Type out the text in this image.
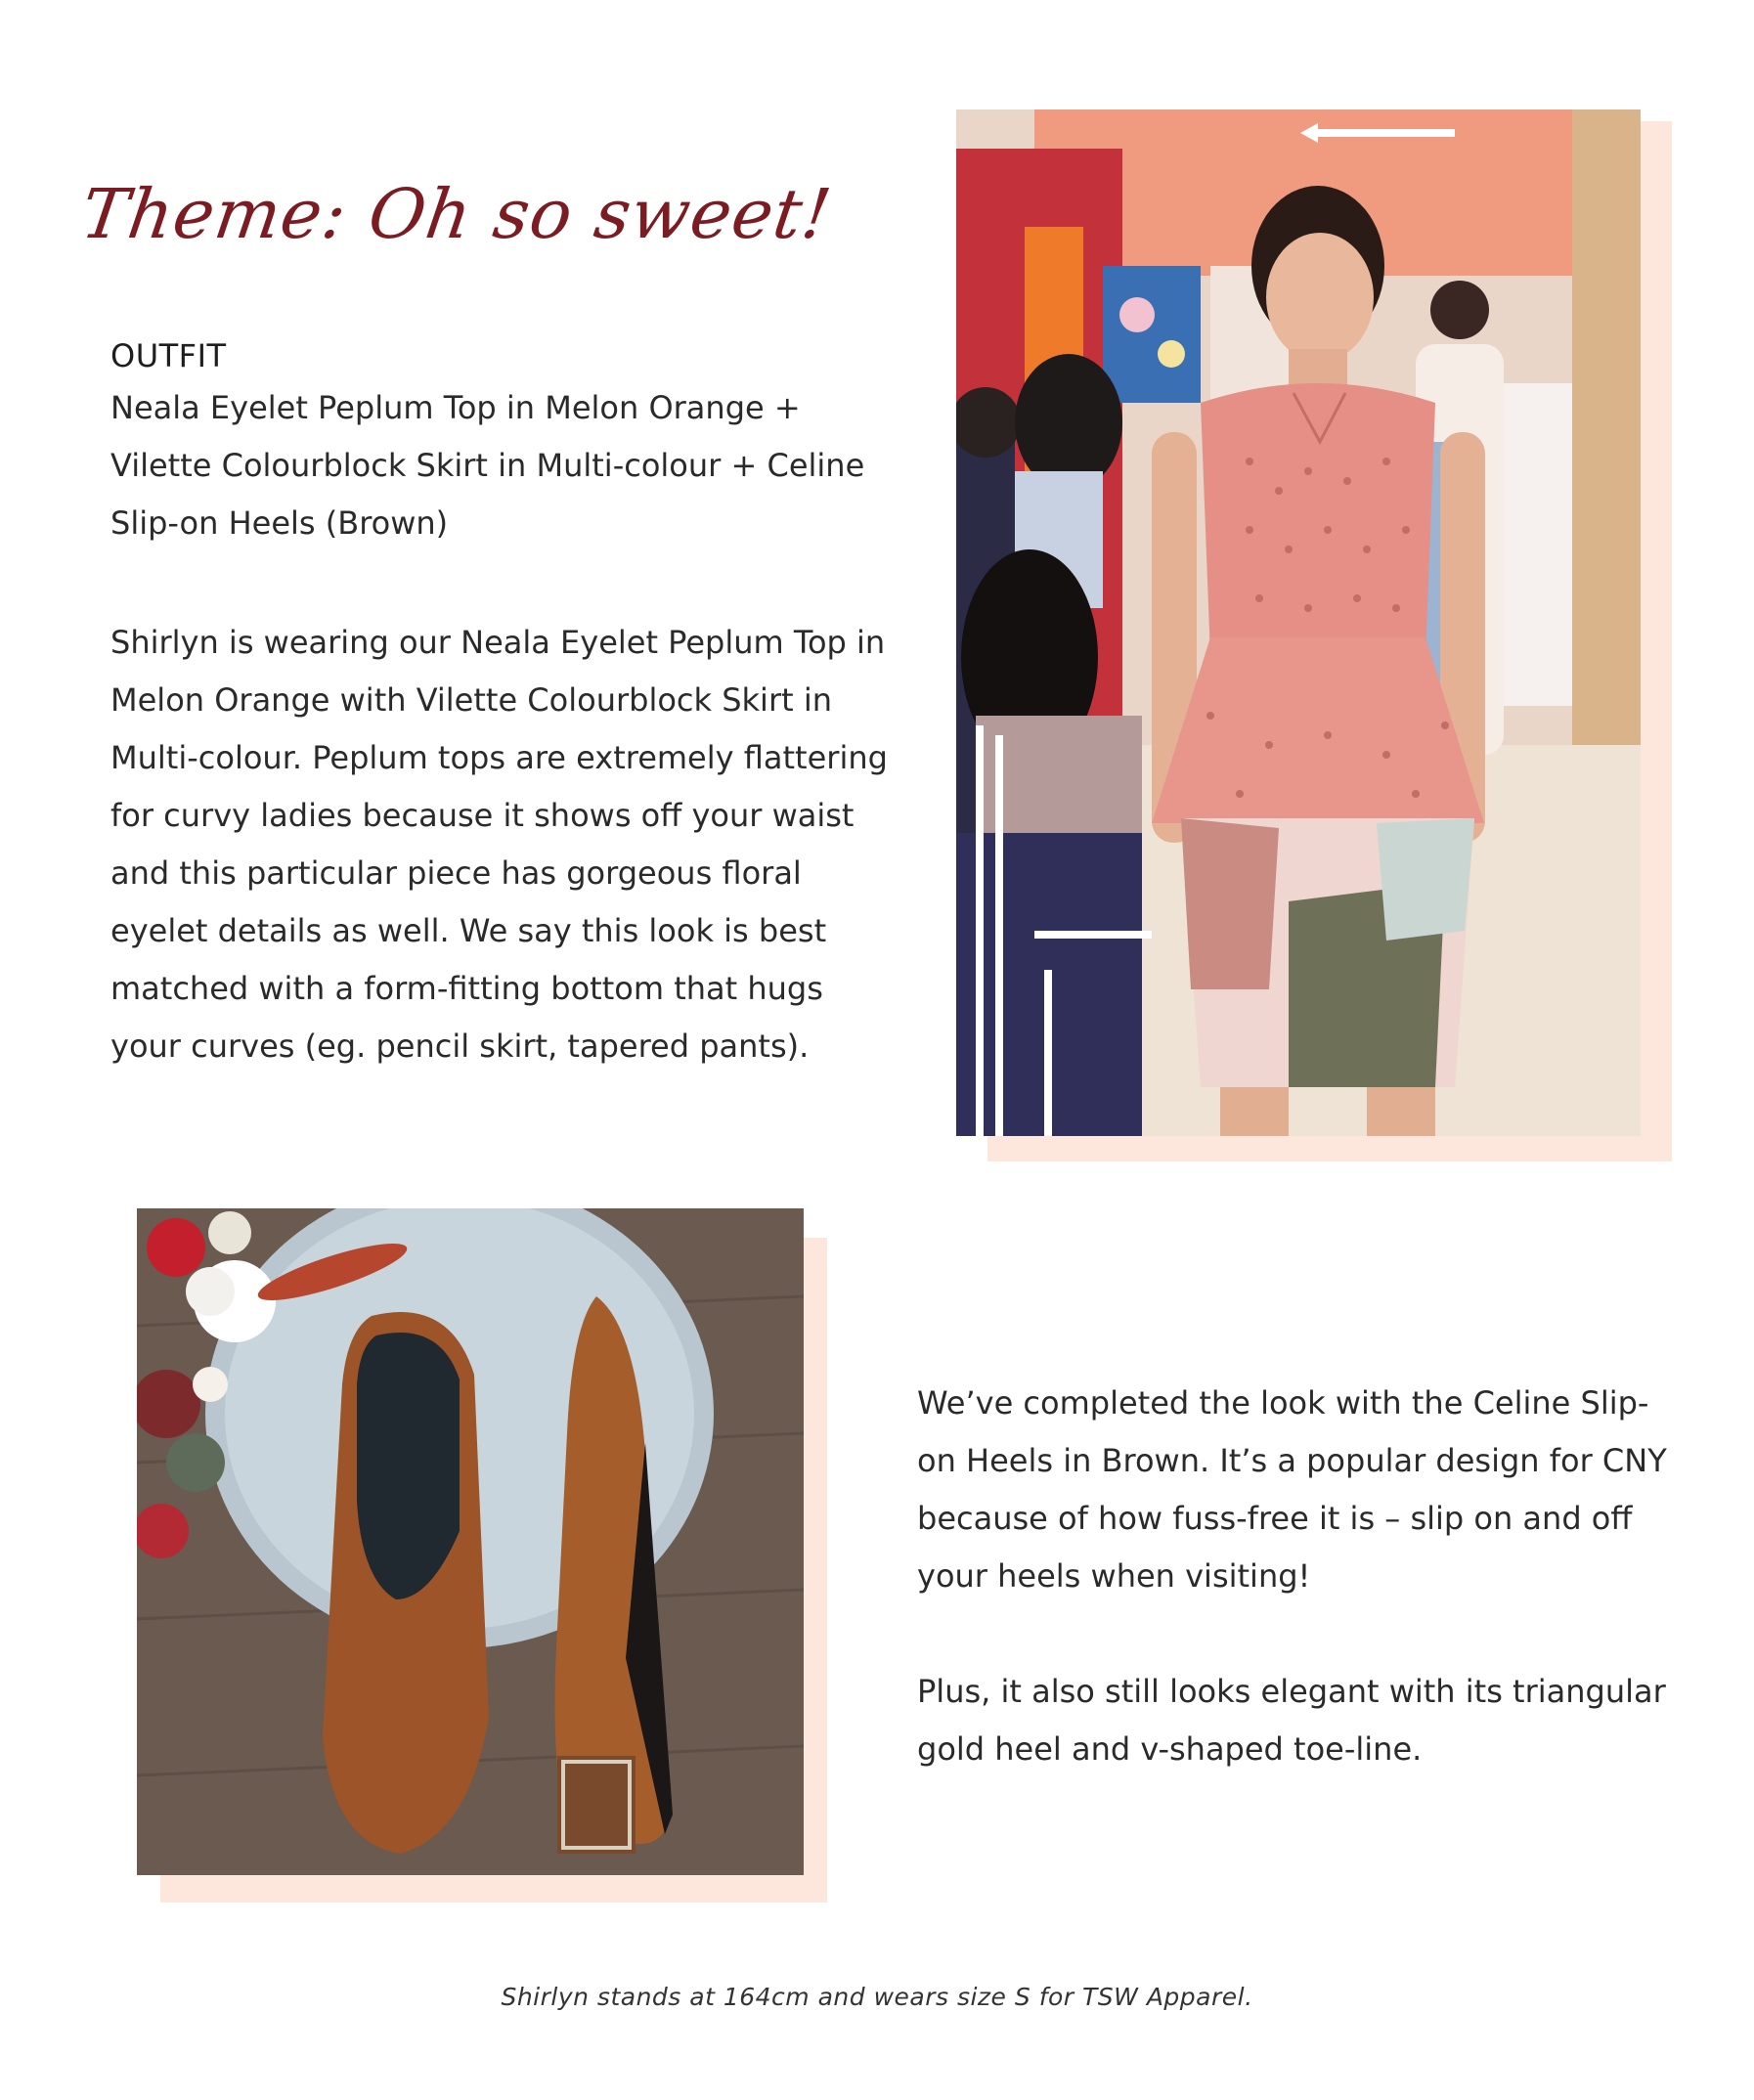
Theme: Oh so sweet!
OUTFIT

Neala Eyelet Peplum Top in Melon Orange + Vilette Colourblock Skirt in Multi-colour + Celine Slip-on Heels (Brown)

Shirlyn is wearing our Neala Eyelet Peplum Top in Melon Orange with Vilette Colourblock Skirt in Multi-colour. Peplum tops are extremely flattering for curvy ladies because it shows off your waist and this particular piece has gorgeous floral eyelet details as well. We say this look is best matched with a form-fitting bottom that hugs your curves (eg. pencil skirt, tapered pants).

We’ve completed the look with the Celine Slip-on Heels in Brown. It’s a popular design for CNY because of how fuss-free it is – slip on and off your heels when visiting!

Plus, it also still looks elegant with its triangular gold heel and v-shaped toe-line.

Shirlyn stands at 164cm and wears size S for TSW Apparel.
